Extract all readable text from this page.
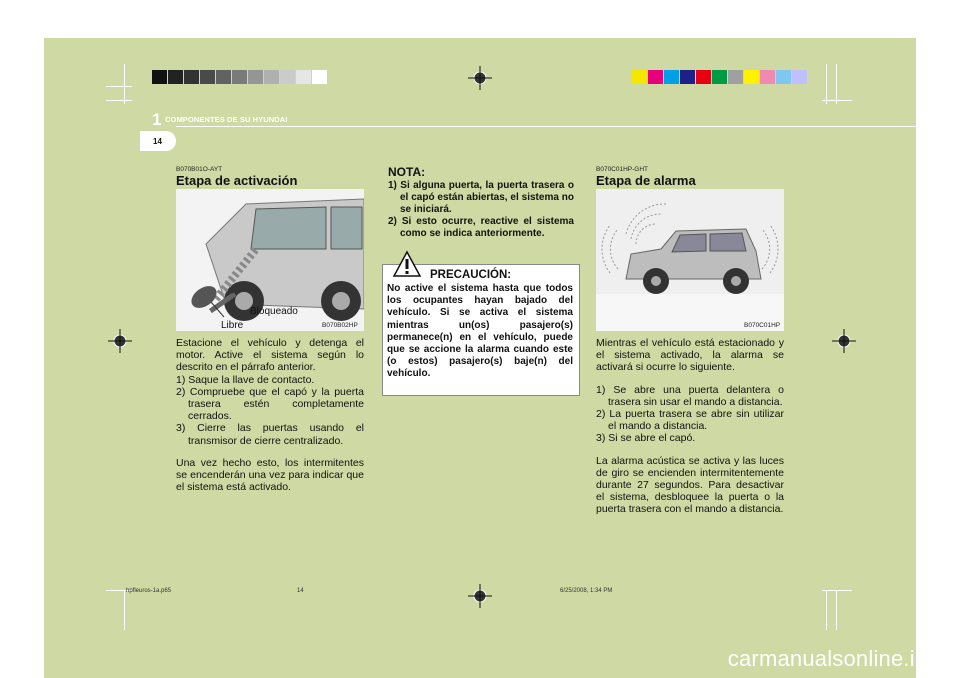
1 COMPONENTES DE SU HYUNDAI
14
B070B01O-AYT
Etapa de activación
Bloqueado
Libre	B070B02HP

Estacione el vehículo y detenga el motor. Active el sistema según lo descrito en el párrafo anterior.

1) Saque la llave de contacto.

2) Compruebe que el capó y la puerta trasera estén completamente cerrados.

3) Cierre las puertas usando el transmisor de cierre centralizado.

Una vez hecho esto, los intermitentes se encenderán una vez para indicar que el sistema está activado.

NOTA:

1) Si alguna puerta, la puerta trasera o el capó están abiertas, el sistema no se iniciará.

2) Si esto ocurre, reactive el sistema como se indica anteriormente.

PRECAUCIÓN:
No active el sistema hasta que todos los ocupantes hayan bajado del vehículo. Si se activa el sistema mientras un(os) pasajero(s) permanece(n) en el vehículo, puede que se accione la alarma cuando este (o estos) pasajero(s) baje(n) del vehículo.
B070C01HP-GHT
Etapa de alarma
B070C01HP

Mientras el vehículo está estacionado y el sistema activado, la alarma se activará si ocurre lo siguiente.

1) Se abre una puerta delantera o trasera sin usar el mando a distancia.

2) La puerta trasera se abre sin utilizar el mando a distancia.

3) Si se abre el capó.

La alarma acústica se activa y las luces de giro se encienden intermitentemente durante 27 segundos. Para desactivar el sistema, desbloquee la puerta o la puerta trasera con el mando a distancia.

hpfleuros-1a.p65	14	6/25/2008, 1:34 PM
carmanualsonline.info
